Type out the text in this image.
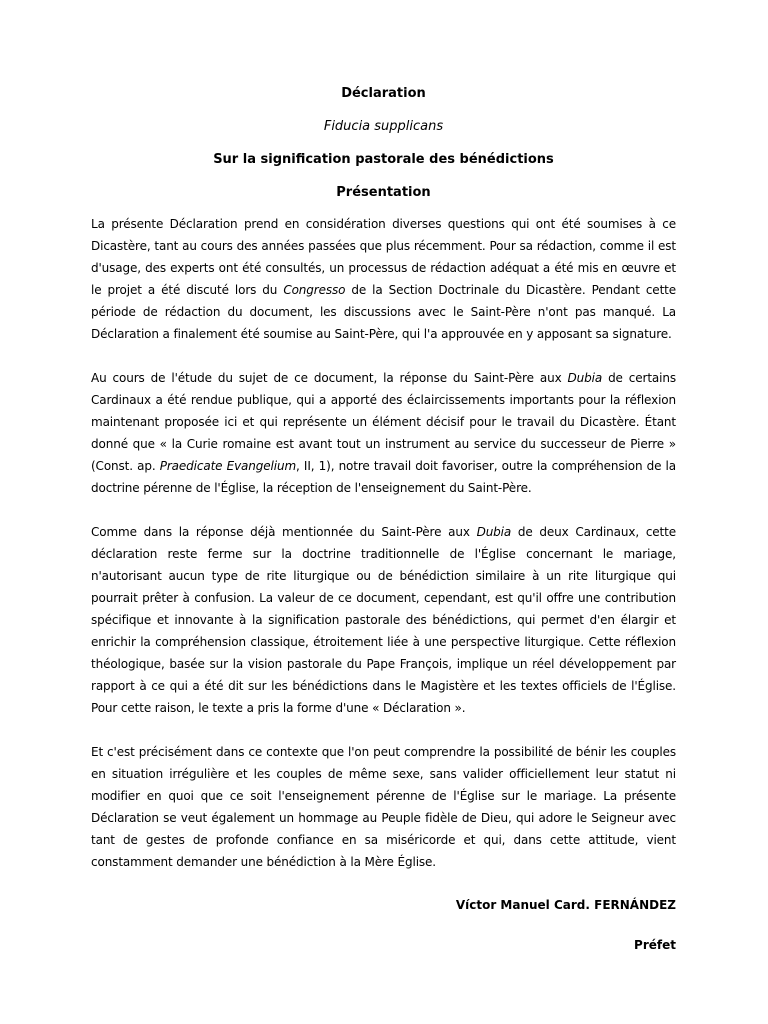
Déclaration

Fiducia supplicans

Sur la signification pastorale des bénédictions

Présentation

La présente Déclaration prend en considération diverses questions qui ont été soumises à ce Dicastère, tant au cours des années passées que plus récemment. Pour sa rédaction, comme il est d'usage, des experts ont été consultés, un processus de rédaction adéquat a été mis en œuvre et le projet a été discuté lors du Congresso de la Section Doctrinale du Dicastère. Pendant cette période de rédaction du document, les discussions avec le Saint-Père n'ont pas manqué. La Déclaration a finalement été soumise au Saint-Père, qui l'a approuvée en y apposant sa signature.

Au cours de l'étude du sujet de ce document, la réponse du Saint-Père aux Dubia de certains Cardinaux a été rendue publique, qui a apporté des éclaircissements importants pour la réflexion maintenant proposée ici et qui représente un élément décisif pour le travail du Dicastère. Étant donné que « la Curie romaine est avant tout un instrument au service du successeur de Pierre » (Const. ap. Praedicate Evangelium, II, 1), notre travail doit favoriser, outre la compréhension de la doctrine pérenne de l'Église, la réception de l'enseignement du Saint-Père.

Comme dans la réponse déjà mentionnée du Saint-Père aux Dubia de deux Cardinaux, cette déclaration reste ferme sur la doctrine traditionnelle de l'Église concernant le mariage, n'autorisant aucun type de rite liturgique ou de bénédiction similaire à un rite liturgique qui pourrait prêter à confusion. La valeur de ce document, cependant, est qu'il offre une contribution spécifique et innovante à la signification pastorale des bénédictions, qui permet d'en élargir et enrichir la compréhension classique, étroitement liée à une perspective liturgique. Cette réflexion théologique, basée sur la vision pastorale du Pape François, implique un réel développement par rapport à ce qui a été dit sur les bénédictions dans le Magistère et les textes officiels de l'Église. Pour cette raison, le texte a pris la forme d'une « Déclaration ».

Et c'est précisément dans ce contexte que l'on peut comprendre la possibilité de bénir les couples en situation irrégulière et les couples de même sexe, sans valider officiellement leur statut ni modifier en quoi que ce soit l'enseignement pérenne de l'Église sur le mariage. La présente Déclaration se veut également un hommage au Peuple fidèle de Dieu, qui adore le Seigneur avec tant de gestes de profonde confiance en sa miséricorde et qui, dans cette attitude, vient constamment demander une bénédiction à la Mère Église.

Víctor Manuel Card. FERNÁNDEZ

Préfet
